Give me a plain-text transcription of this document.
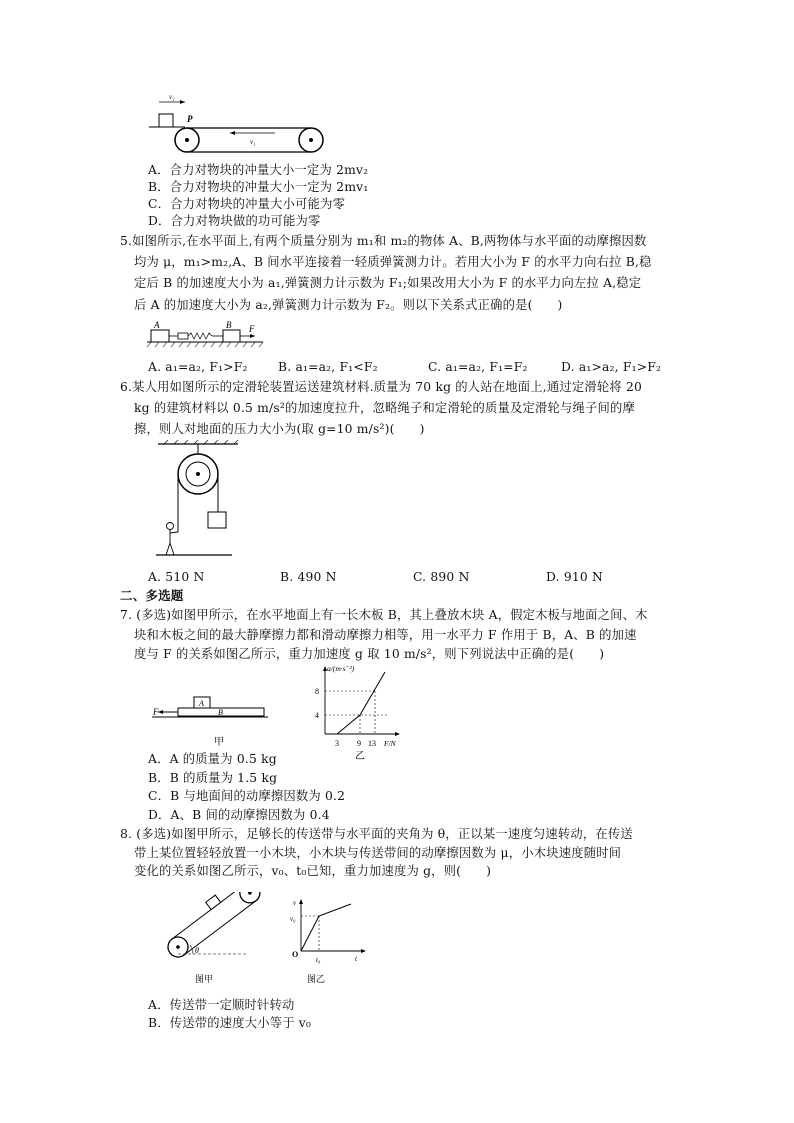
v₂
P
v₁
A．合力对物块的冲量大小一定为 2mv₂
B．合力对物块的冲量大小一定为 2mv₁
C．合力对物块的冲量大小可能为零
D．合力对物块做的功可能为零
5.如图所示,在水平面上,有两个质量分别为 m₁和 m₂的物体 A、B,两物体与水平面的动摩擦因数
均为 μ，m₁>m₂,A、B 间水平连接着一轻质弹簧测力计。若用大小为 F 的水平力向右拉 B,稳
定后 B 的加速度大小为 a₁,弹簧测力计示数为 F₁;如果改用大小为 F 的水平力向左拉 A,稳定
后 A 的加速度大小为 a₂,弹簧测力计示数为 F₂。则以下关系式正确的是(　　)
A	B F
A. a₁=a₂, F₁>F₂ B. a₁=a₂, F₁<F₂	C. a₁=a₂, F₁=F₂	D. a₁>a₂, F₁>F₂
6.某人用如图所示的定滑轮装置运送建筑材料.质量为 70 kg 的人站在地面上,通过定滑轮将 20
kg 的建筑材料以 0.5 m/s²的加速度拉升，忽略绳子和定滑轮的质量及定滑轮与绳子间的摩
擦，则人对地面的压力大小为(取 g=10 m/s²)(　　)
A. 510 N	B. 490 N	C. 890 N	D. 910 N
二、多选题
7. (多选)如图甲所示，在水平地面上有一长木板 B，其上叠放木块 A，假定木板与地面之间、木
块和木板之间的最大静摩擦力都和滑动摩擦力相等，用一水平力 F 作用于 B，A、B 的加速
度与 F 的关系如图乙所示，重力加速度 g 取 10 m/s²，则下列说法中正确的是(　　)
F
A
B
甲
a/(m·s⁻²)
8
4
3 9 13 F/N
乙
A．A 的质量为 0.5 kg
B．B 的质量为 1.5 kg
C．B 与地面间的动摩擦因数为 0.2
D．A、B 间的动摩擦因数为 0.4
8. (多选)如图甲所示，足够长的传送带与水平面的夹角为 θ，正以某一速度匀速转动，在传送
带上某位置轻轻放置一小木块，小木块与传送带间的动摩擦因数为 μ，小木块速度随时间
变化的关系如图乙所示，v₀、t₀已知，重力加速度为 g，则(　　)
θ
图甲
v
v₀
O
t₀	t
图乙
A．传送带一定顺时针转动
B．传送带的速度大小等于 v₀
